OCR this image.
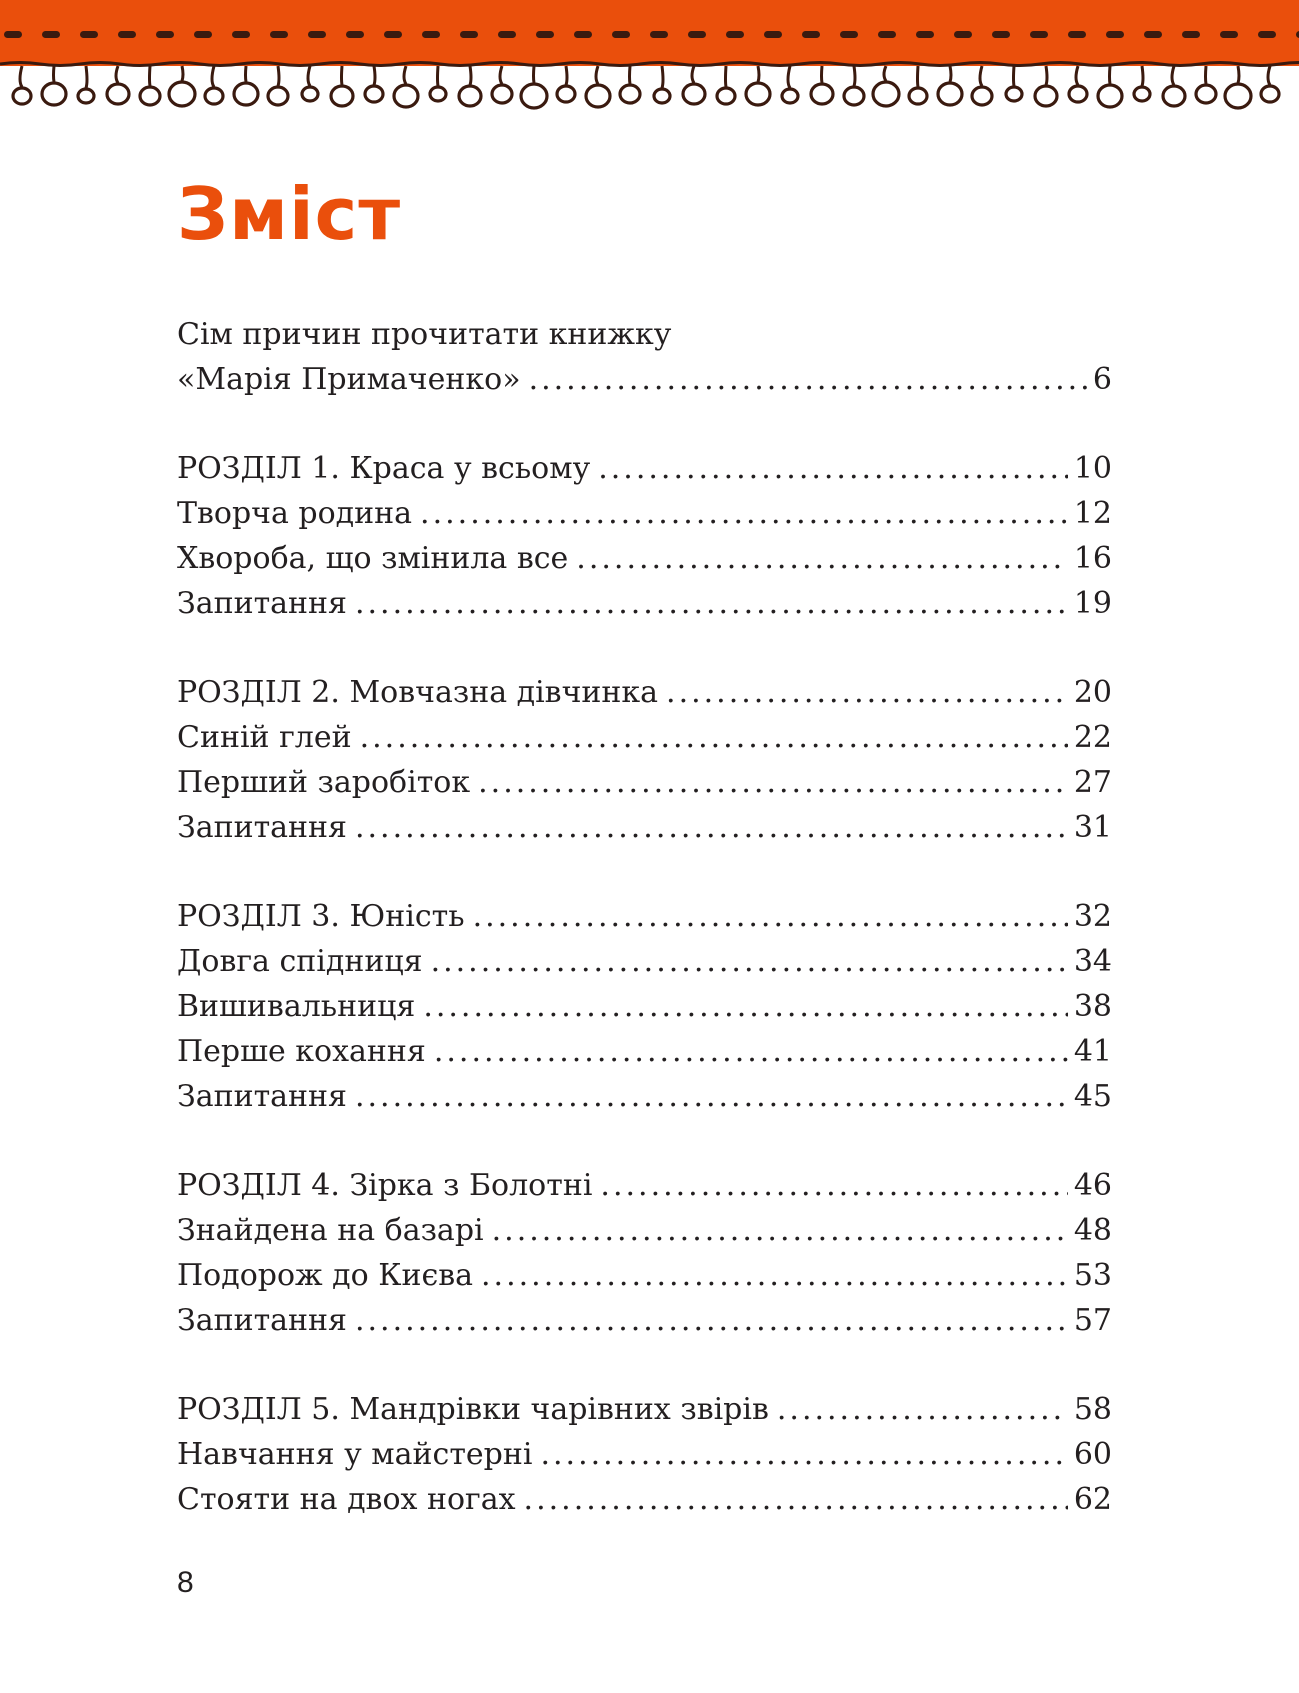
Зміст
Сім причин прочитати книжку
«Марія Примаченко» .....	6
РОЗДІЛ 1. Краса у всьому .....	10
Творча родина .....	12
Хвороба, що змінила все .....	16
Запитання .....	19
РОЗДІЛ 2. Мовчазна дівчинка .....	20
Синій глей .....	22
Перший заробіток .....	27
Запитання .....	31
РОЗДІЛ 3. Юність .....	32
Довга спідниця .....	34
Вишивальниця .....	38
Перше кохання .....	41
Запитання .....	45
РОЗДІЛ 4. Зірка з Болотні .....	46
Знайдена на базарі .....	48
Подорож до Києва .....	53
Запитання .....	57
РОЗДІЛ 5. Мандрівки чарівних звірів .....	58
Навчання у майстерні .....	60
Стояти на двох ногах .....	62
8
